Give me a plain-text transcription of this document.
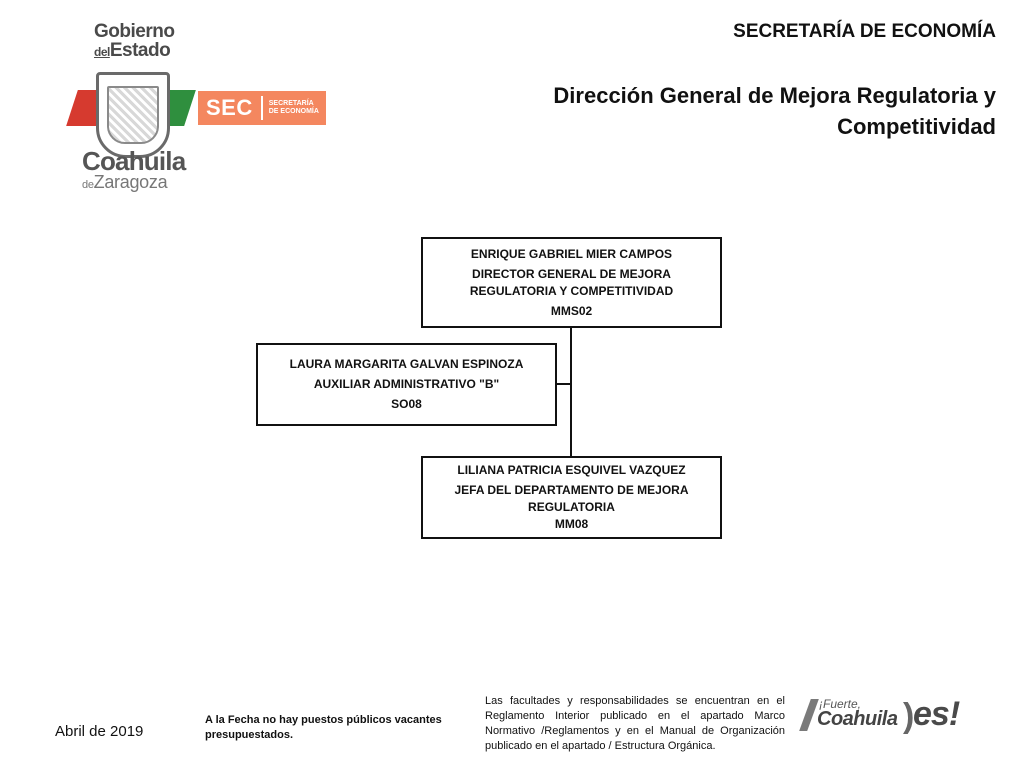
Gobierno
delEstado
SEC SECRETARÍA
DE ECONOMÍA
Coahuila
deZaragoza
SECRETARÍA DE ECONOMÍA
Dirección General de Mejora Regulatoria y Competitividad
ENRIQUE GABRIEL MIER CAMPOS
DIRECTOR GENERAL DE MEJORA REGULATORIA Y COMPETITIVIDAD
MMS02
LAURA MARGARITA GALVAN ESPINOZA
AUXILIAR ADMINISTRATIVO "B"
SO08
LILIANA PATRICIA ESQUIVEL VAZQUEZ
JEFA DEL DEPARTAMENTO DE MEJORA REGULATORIA
MM08
Abril de 2019
A la Fecha no hay puestos públicos vacantes presupuestados.
Las facultades y responsabilidades se encuentran en el Reglamento Interior publicado en el apartado Marco Normativo /Reglamentos y en el Manual de Organización publicado en el apartado / Estructura Orgánica.
¡Fuerte,
Coahuila )
es!
